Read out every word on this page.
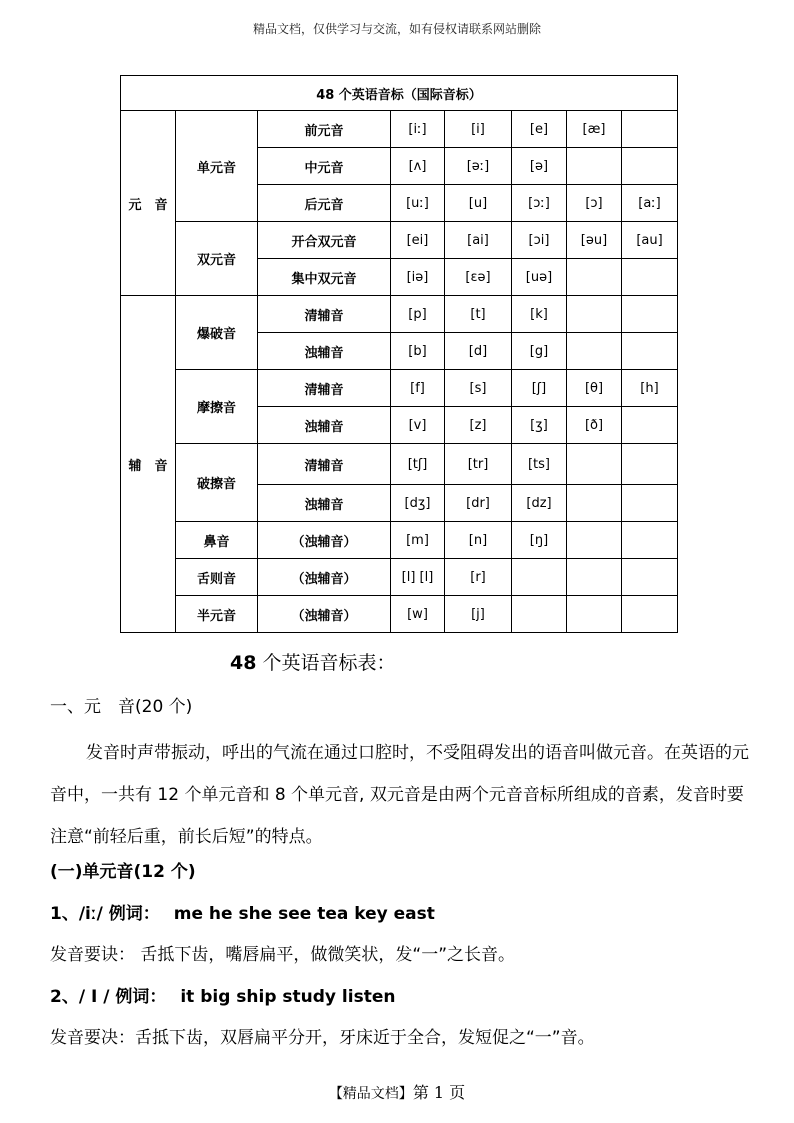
精品文档，仅供学习与交流，如有侵权请联系网站删除
48 个英语音标（国际音标）							
元　音	单元音	前元音	[iː]	[i]	[e]	[æ]	
		中元音	[ʌ]	[əː]	[ə]		
		后元音	[uː]	[u]	[ɔː]	[ɔ]	[aː]
	双元音	开合双元音	[ei]	[ai]	[ɔi]	[əu]	[au]
		集中双元音	[iə]	[εə]	[uə]		
辅　音	爆破音	清辅音	[p]	[t]	[k]		
		浊辅音	[b]	[d]	[g]		
	摩擦音	清辅音	[f]	[s]	[ʃ]	[θ]	[h]
		浊辅音	[v]	[z]	[ʒ]	[ð]	
	破擦音	清辅音	[tʃ]	[tr]	[ts]		
		浊辅音	[dʒ]	[dr]	[dz]		
	鼻音	（浊辅音）	[m]	[n]	[ŋ]		
	舌则音	（浊辅音）	[l] [l]	[r]			
	半元音	（浊辅音）	[w]	[j]			
48 个英语音标表：
一、元　音(20 个)
发音时声带振动，呼出的气流在通过口腔时，不受阻碍发出的语音叫做元音。在英语的元音中，一共有 12 个单元音和 8 个单元音, 双元音是由两个元音音标所组成的音素，发音时要注意“前轻后重，前长后短”的特点。
(一)单元音(12 个)
1、/iː/ 例词： me he she see tea key east
发音要诀： 舌抵下齿，嘴唇扁平，做微笑状，发“一”之长音。
2、/ I / 例词： it big ship study listen
发音要决：舌抵下齿，双唇扁平分开，牙床近于全合，发短促之“一”音。
【精品文档】第 1 页
